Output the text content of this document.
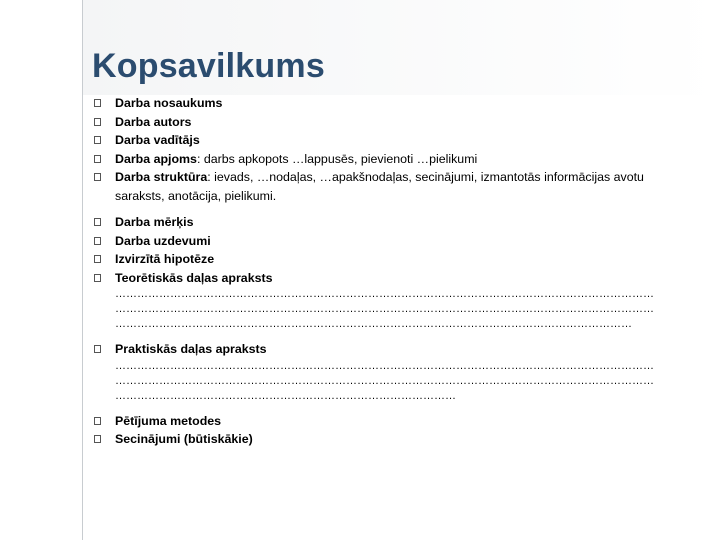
Kopsavilkums
Darba nosaukums
Darba autors
Darba vadītājs
Darba apjoms: darbs apkopots …lappusēs, pievienoti …pielikumi
Darba struktūra: ievads, …nodaļas, …apakšnodaļas, secinājumi, izmantotās informācijas avotu saraksts, anotācija, pielikumi.
Darba mērķis
Darba uzdevumi
Izvirzītā hipotēze
Teorētiskās daļas apraksts
…………………………………………………………………………………………………………………………………
…………………………………………………………………………………………………………………………………
……………………………………………………………………………………………………………………………
Praktiskās daļas apraksts
…………………………………………………………………………………………………………………………………
…………………………………………………………………………………………………………………………………
…………………………………………………………………………………
Pētījuma metodes
Secinājumi (būtiskākie)
